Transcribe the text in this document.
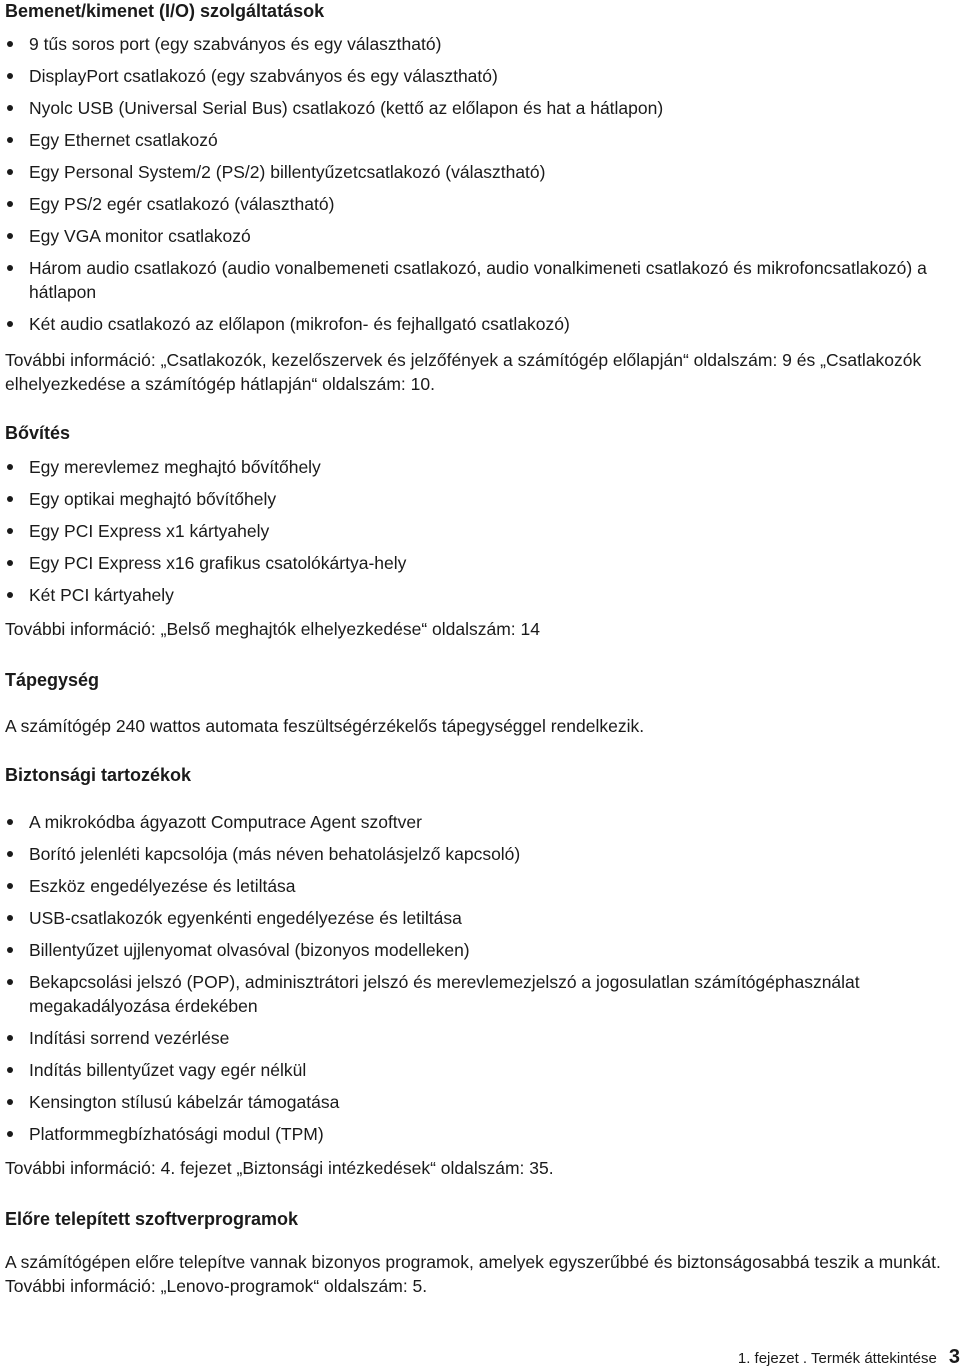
Bemenet/kimenet (I/O) szolgáltatások
9 tűs soros port (egy szabványos és egy választható)
DisplayPort csatlakozó (egy szabványos és egy választható)
Nyolc USB (Universal Serial Bus) csatlakozó (kettő az előlapon és hat a hátlapon)
Egy Ethernet csatlakozó
Egy Personal System/2 (PS/2) billentyűzetcsatlakozó (választható)
Egy PS/2 egér csatlakozó (választható)
Egy VGA monitor csatlakozó
Három audio csatlakozó (audio vonalbemeneti csatlakozó, audio vonalkimeneti csatlakozó és mikrofoncsatlakozó) a hátlapon
Két audio csatlakozó az előlapon (mikrofon- és fejhallgató csatlakozó)

További információ: „Csatlakozók, kezelőszervek és jelzőfények a számítógép előlapján“ oldalszám: 9 és „Csatlakozók elhelyezkedése a számítógép hátlapján“ oldalszám: 10.

Bővítés
Egy merevlemez meghajtó bővítőhely
Egy optikai meghajtó bővítőhely
Egy PCI Express x1 kártyahely
Egy PCI Express x16 grafikus csatolókártya-hely
Két PCI kártyahely

További információ: „Belső meghajtók elhelyezkedése“ oldalszám: 14

Tápegység

A számítógép 240 wattos automata feszültségérzékelős tápegységgel rendelkezik.

Biztonsági tartozékok
A mikrokódba ágyazott Computrace Agent szoftver
Borító jelenléti kapcsolója (más néven behatolásjelző kapcsoló)
Eszköz engedélyezése és letiltása
USB-csatlakozók egyenkénti engedélyezése és letiltása
Billentyűzet ujjlenyomat olvasóval (bizonyos modelleken)
Bekapcsolási jelszó (POP), adminisztrátori jelszó és merevlemezjelszó a jogosulatlan számítógéphasználat megakadályozása érdekében
Indítási sorrend vezérlése
Indítás billentyűzet vagy egér nélkül
Kensington stílusú kábelzár támogatása
Platformmegbízhatósági modul (TPM)

További információ: 4. fejezet „Biztonsági intézkedések“ oldalszám: 35.

Előre telepített szoftverprogramok

A számítógépen előre telepítve vannak bizonyos programok, amelyek egyszerűbbé és biztonságosabbá teszik a munkát. További információ: „Lenovo-programok“ oldalszám: 5.

1. fejezet . Termék áttekintése 3
